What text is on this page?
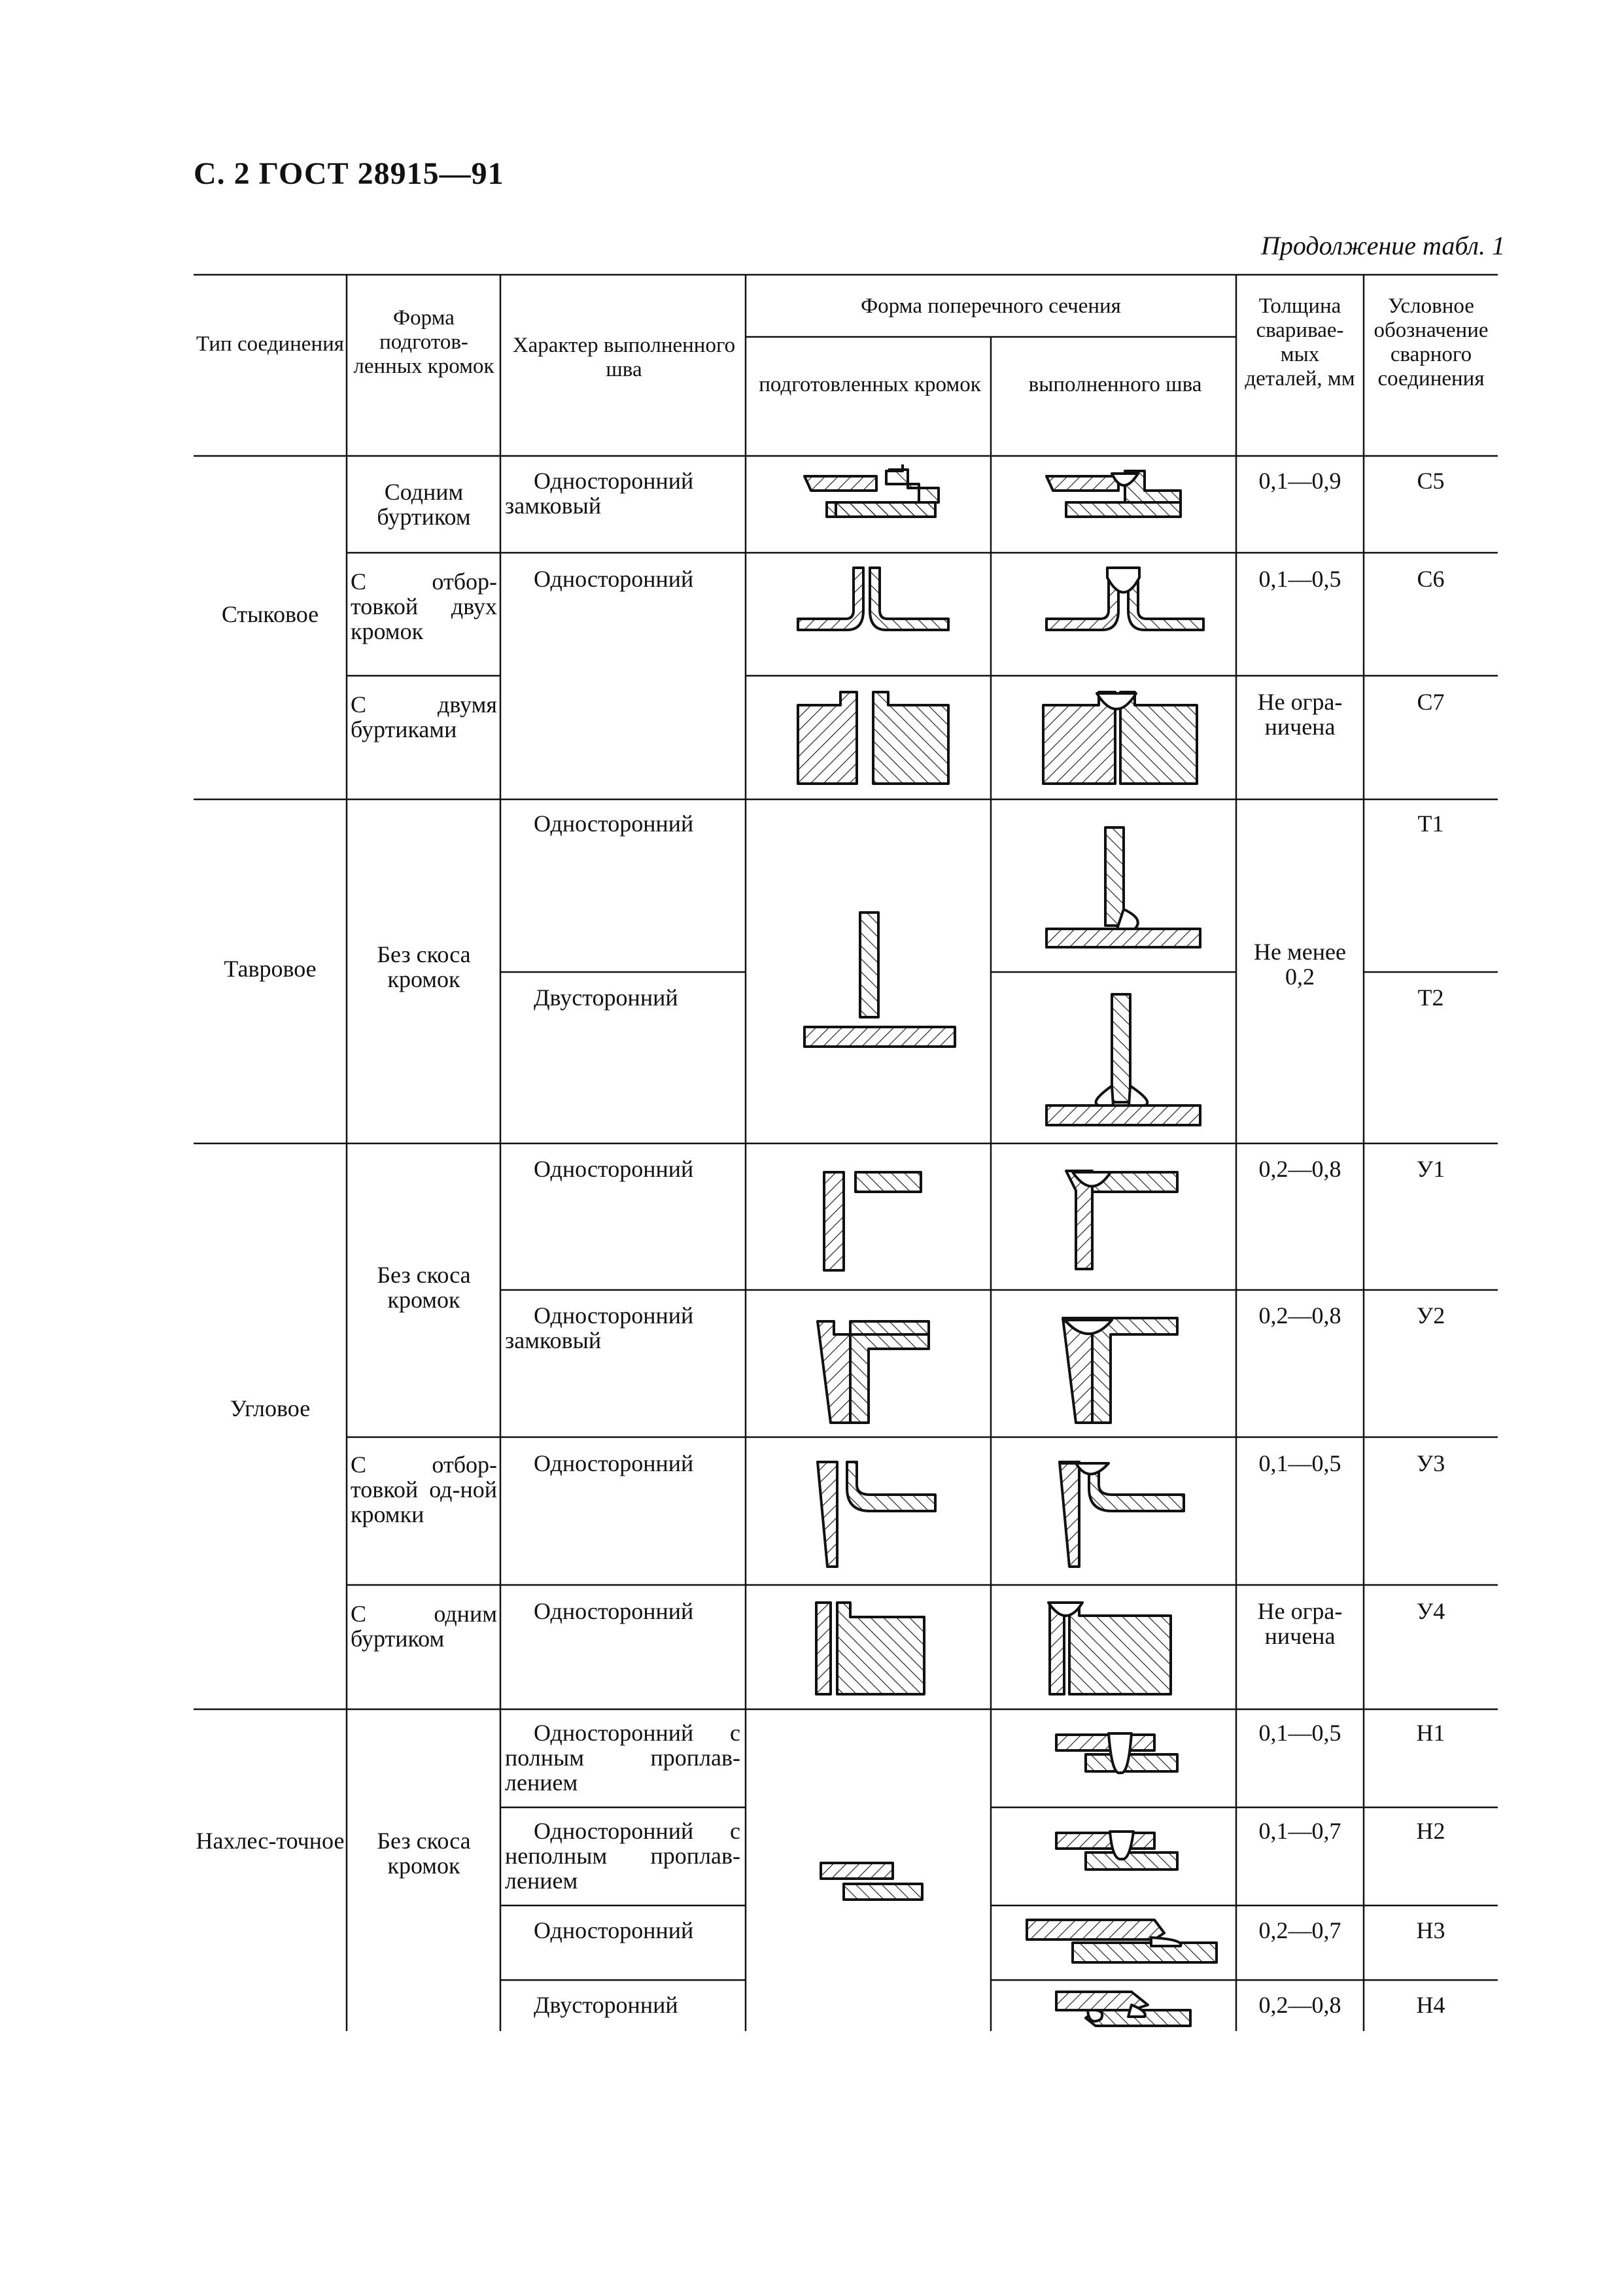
С. 2 ГОСТ 28915—91
Продолжение табл. 1
Тип соединения
Форма подготов-ленных кромок
Характер выполненного шва
Форма поперечного сечения
подготовленных кромок	выполненного шва
Толщина сваривае-мых деталей, мм
Условное обозначение сварного соединения
Стыковое
Тавровое
Угловое
Нахлес-точное
Содним буртиком
С отбор-товкой двух кромок
С двумя буртиками
Без скоса кромок
Без скоса кромок
С отбор-товкой од-ной кромки
С одним буртиком
Без скоса кромок
Односторонний замковый
Односторонний
Односторонний
Двусторонний
Односторонний
Односторонний замковый
Односторонний
Односторонний
Односторонний с полным проплав-лением
Односторонний с неполным проплав-лением
Односторонний
Двусторонний
0,1—0,9
0,1—0,5
Не огра-ничена
Не менее 0,2
0,2—0,8
0,2—0,8
0,1—0,5
Не огра-ничена
0,1—0,5
0,1—0,7
0,2—0,7
0,2—0,8
С5
С6
С7
Т1
Т2
У1
У2
У3
У4
Н1
Н2
Н3
Н4
